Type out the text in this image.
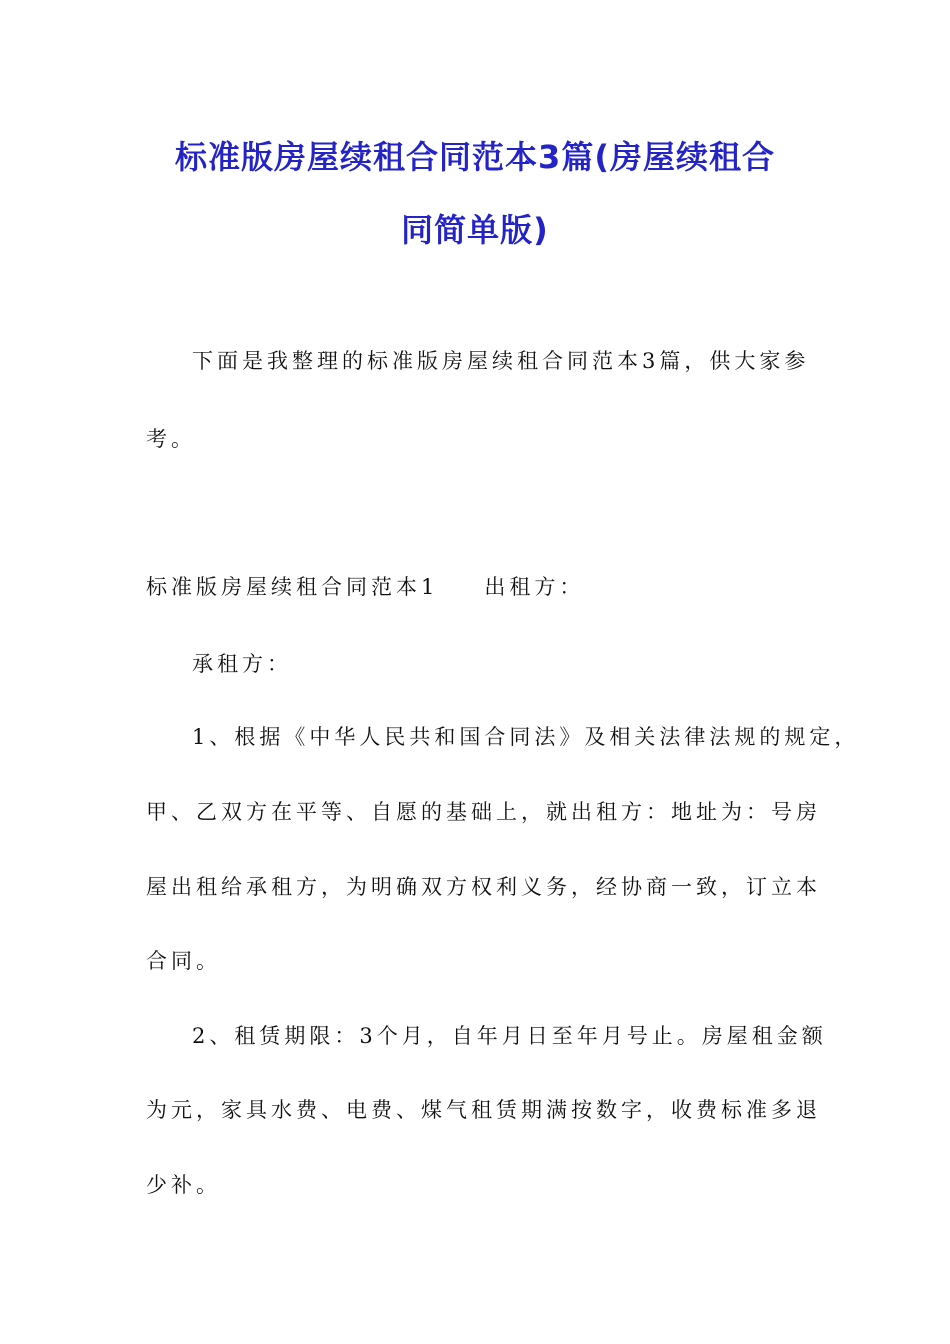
标准版房屋续租合同范本3篇(房屋续租合
同简单版)
下面是我整理的标准版房屋续租合同范本3篇，供大家参
考。
标准版房屋续租合同范本1 出租方：
承租方：
1、根据《中华人民共和国合同法》及相关法律法规的规定，
甲、乙双方在平等、自愿的基础上，就出租方：地址为：号房
屋出租给承租方，为明确双方权利义务，经协商一致，订立本
合同。
2、租赁期限：3个月，自年月日至年月号止。房屋租金额
为元，家具水费、电费、煤气租赁期满按数字，收费标准多退
少补。
